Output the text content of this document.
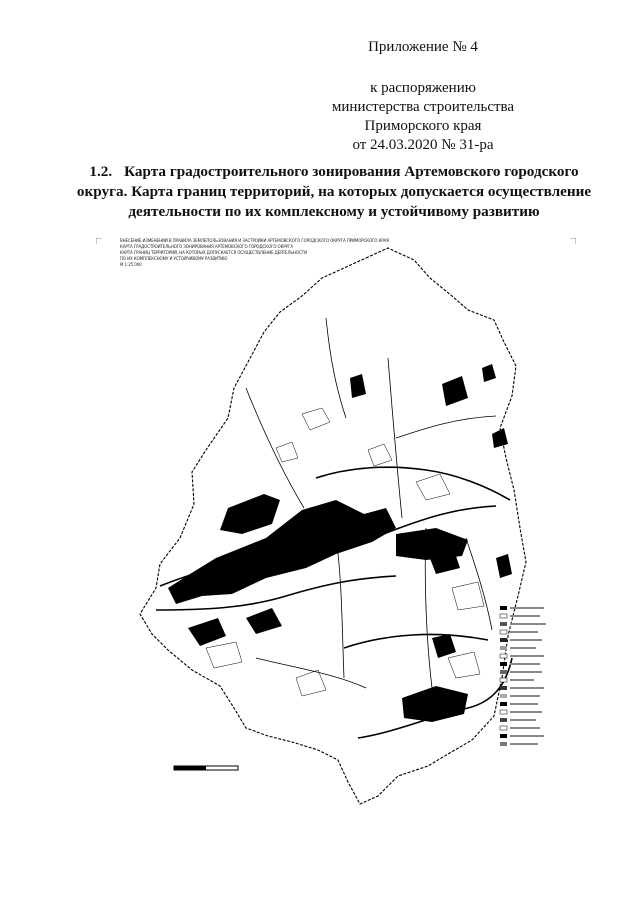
Приложение № 4
к распоряжению
министерства строительства
Приморского края
от 24.03.2020 № 31-ра
1.2. Карта градостроительного зонирования Артемовского городского округа. Карта границ территорий, на которых допускается осуществление деятельности по их комплексному и устойчивому развитию
ВНЕСЕНИЕ ИЗМЕНЕНИЙ В ПРАВИЛА ЗЕМЛЕПОЛЬЗОВАНИЯ И ЗАСТРОЙКИ АРТЕМОВСКОГО ГОРОДСКОГО ОКРУГА ПРИМОРСКОГО КРАЯ
КАРТА ГРАДОСТРОИТЕЛЬНОГО ЗОНИРОВАНИЯ АРТЕМОВСКОГО ГОРОДСКОГО ОКРУГА
КАРТА ГРАНИЦ ТЕРРИТОРИЙ, НА КОТОРЫХ ДОПУСКАЕТСЯ ОСУЩЕСТВЛЕНИЕ ДЕЯТЕЛЬНОСТИ
ПО ИХ КОМПЛЕКСНОМУ И УСТОЙЧИВОМУ РАЗВИТИЮ
М 1:25 000
